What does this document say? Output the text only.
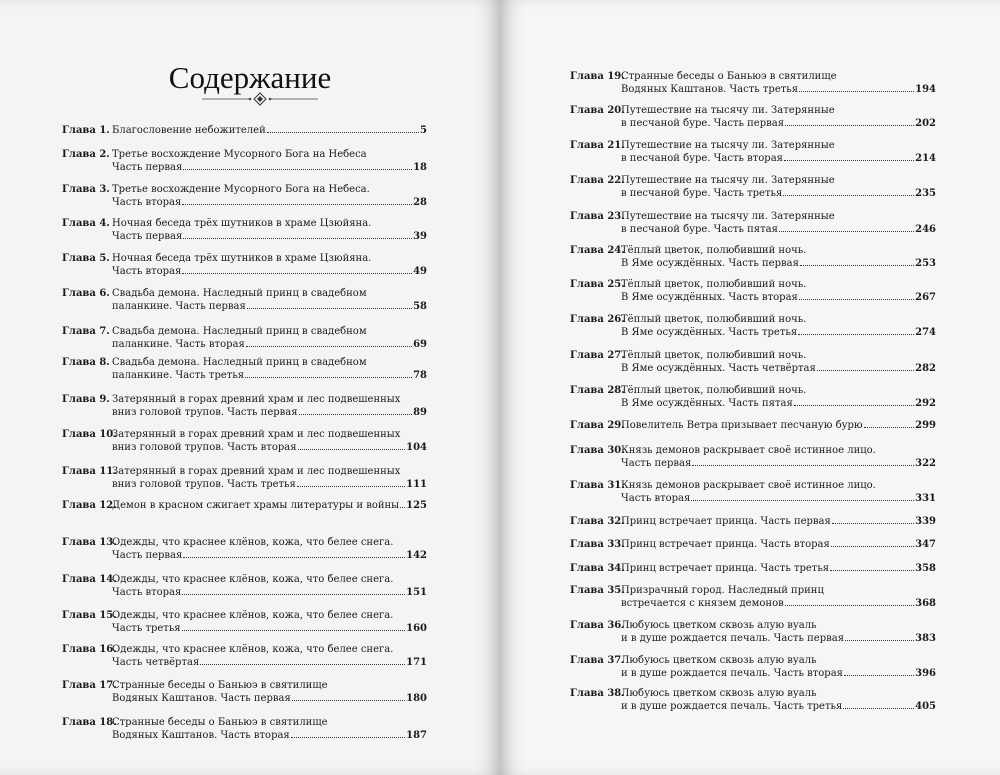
Содержание
Глава 1. Благословение небожителей	5
Глава 2. Третье восхождение Мусорного Бога на Небеса
Часть первая	18
Глава 3. Третье восхождение Мусорного Бога на Небеса.
Часть вторая	28
Глава 4. Ночная беседа трёх шутников в храме Цзюйяна.
Часть первая	39
Глава 5. Ночная беседа трёх шутников в храме Цзюйяна.
Часть вторая	49
Глава 6. Свадьба демона. Наследный принц в свадебном
паланкине. Часть первая	58
Глава 7. Свадьба демона. Наследный принц в свадебном
паланкине. Часть вторая	69
Глава 8. Свадьба демона. Наследный принц в свадебном
паланкине. Часть третья	78
Глава 9. Затерянный в горах древний храм и лес подвешенных
вниз головой трупов. Часть первая	89
Глава 10.
Затерянный в горах древний храм и лес подвешенных
вниз головой трупов. Часть вторая	104
Глава 11.
Затерянный в горах древний храм и лес подвешенных
вниз головой трупов. Часть третья	111
Глава 12.
Демон в красном сжигает храмы литературы и войны 125
Глава 13.
Одежды, что краснее клёнов, кожа, что белее снега.
Часть первая	142
Глава 14.
Одежды, что краснее клёнов, кожа, что белее снега.
Часть вторая	151
Глава 15.
Одежды, что краснее клёнов, кожа, что белее снега.
Часть третья	160
Глава 16.
Одежды, что краснее клёнов, кожа, что белее снега.
Часть четвёртая	171
Глава 17.
Странные беседы о Баньюэ в святилище
Водяных Каштанов. Часть первая	180
Глава 18.
Странные беседы о Баньюэ в святилище
Водяных Каштанов. Часть вторая	187
Глава 19.
Странные беседы о Баньюэ в святилище
Водяных Каштанов. Часть третья	194
Глава 20.
Путешествие на тысячу ли. Затерянные
в песчаной буре. Часть первая	202
Глава 21.
Путешествие на тысячу ли. Затерянные
в песчаной буре. Часть вторая	214
Глава 22.
Путешествие на тысячу ли. Затерянные
в песчаной буре. Часть третья	235
Глава 23.
Путешествие на тысячу ли. Затерянные
в песчаной буре. Часть пятая	246
Глава 24.
Тёплый цветок, полюбивший ночь.
В Яме осуждённых. Часть первая	253
Глава 25.
Тёплый цветок, полюбивший ночь.
В Яме осуждённых. Часть вторая	267
Глава 26.
Тёплый цветок, полюбивший ночь.
В Яме осуждённых. Часть третья	274
Глава 27.
Тёплый цветок, полюбивший ночь.
В Яме осуждённых. Часть четвёртая	282
Глава 28.
Тёплый цветок, полюбивший ночь.
В Яме осуждённых. Часть пятая	292
Глава 29.
Повелитель Ветра призывает песчаную бурю	299
Глава 30.
Князь демонов раскрывает своё истинное лицо.
Часть первая	322
Глава 31.
Князь демонов раскрывает своё истинное лицо.
Часть вторая	331
Глава 32.
Принц встречает принца. Часть первая	339
Глава 33.
Принц встречает принца. Часть вторая	347
Глава 34.
Принц встречает принца. Часть третья	358
Глава 35.
Призрачный город. Наследный принц
встречается с князем демонов	368
Глава 36.
Любуюсь цветком сквозь алую вуаль
и в душе рождается печаль. Часть первая	383
Глава 37.
Любуюсь цветком сквозь алую вуаль
и в душе рождается печаль. Часть вторая	396
Глава 38.
Любуюсь цветком сквозь алую вуаль
и в душе рождается печаль. Часть третья	405
